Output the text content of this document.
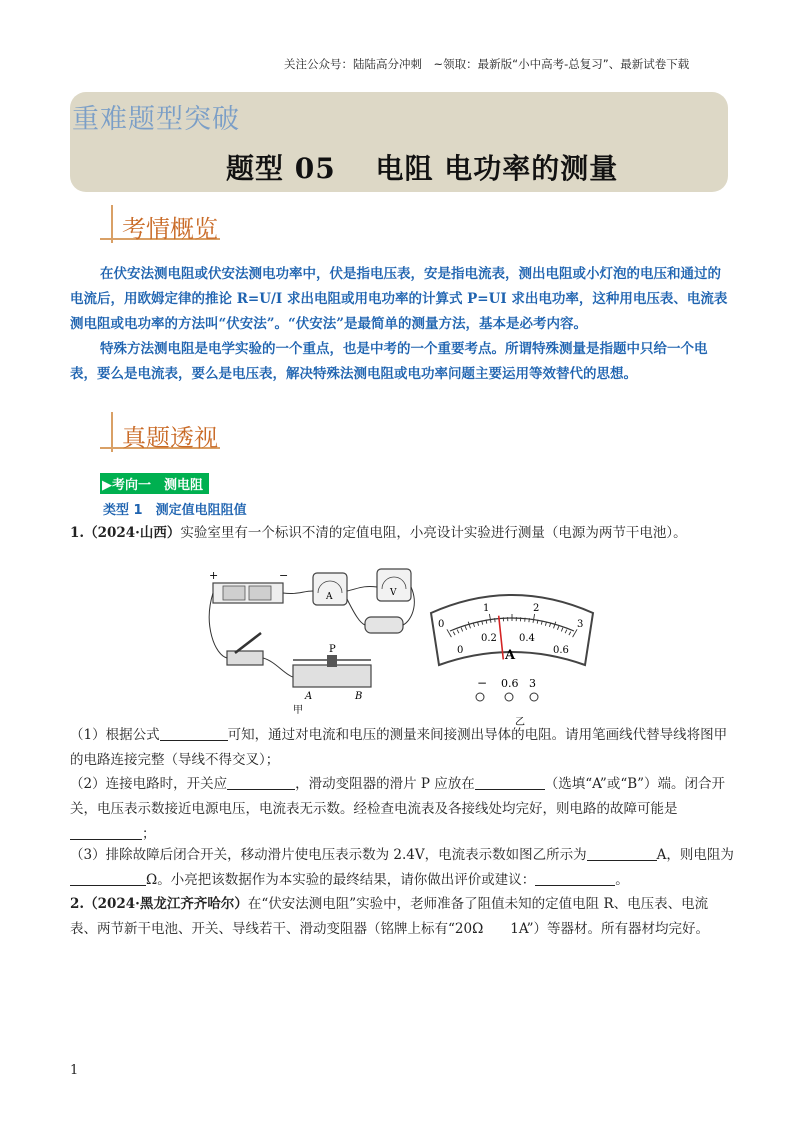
关注公众号：陆陆高分冲刺　~领取：最新版“小中高考-总复习”、最新试卷下载
重难题型突破
题型 05　 电阻 电功率的测量
考情概览
在伏安法测电阻或伏安法测电功率中，伏是指电压表，安是指电流表，测出电阻或小灯泡的电压和通过的电流后，用欧姆定律的推论 R=U/I 求出电阻或用电功率的计算式 P=UI 求出电功率，这种用电压表、电流表测电阻或电功率的方法叫“伏安法”。“伏安法”是最简单的测量方法，基本是必考内容。
特殊方法测电阻是电学实验的一个重点，也是中考的一个重要考点。所谓特殊测量是指题中只给一个电表，要么是电流表，要么是电压表，解决特殊法测电阻或电功率问题主要运用等效替代的思想。
真题透视
▶考向一　测电阻
类型 1　测定值电阻阻值
1.（2024·山西）实验室里有一个标识不清的定值电阻，小亮设计实验进行测量（电源为两节干电池）。
+	−
A	V
P
A	B
甲
0
1	2
3
0
0.2 0.4
0.6
A
− 0.6 3
乙
（1）根据公式	可知，通过对电流和电压的测量来间接测出导体的电阻。请用笔画线代替导线将图甲的电路连接完整（导线不得交叉）；
（2）连接电路时，开关应	，滑动变阻器的滑片 P 应放在	（选填“A”或“B”）端。闭合开关，电压表示数接近电源电压，电流表无示数。经检查电流表及各接线处均完好，则电路的故障可能是；
（3）排除故障后闭合开关，移动滑片使电压表示数为 2.4V，电流表示数如图乙所示为	A，则电阻为Ω。小亮把该数据作为本实验的最终结果，请你做出评价或建议：	。
2.（2024·黑龙江齐齐哈尔）在“伏安法测电阻”实验中，老师准备了阻值未知的定值电阻 R、电压表、电流表、两节新干电池、开关、导线若干、滑动变阻器（铭牌上标有“20Ω　　1A”）等器材。所有器材均完好。
1
